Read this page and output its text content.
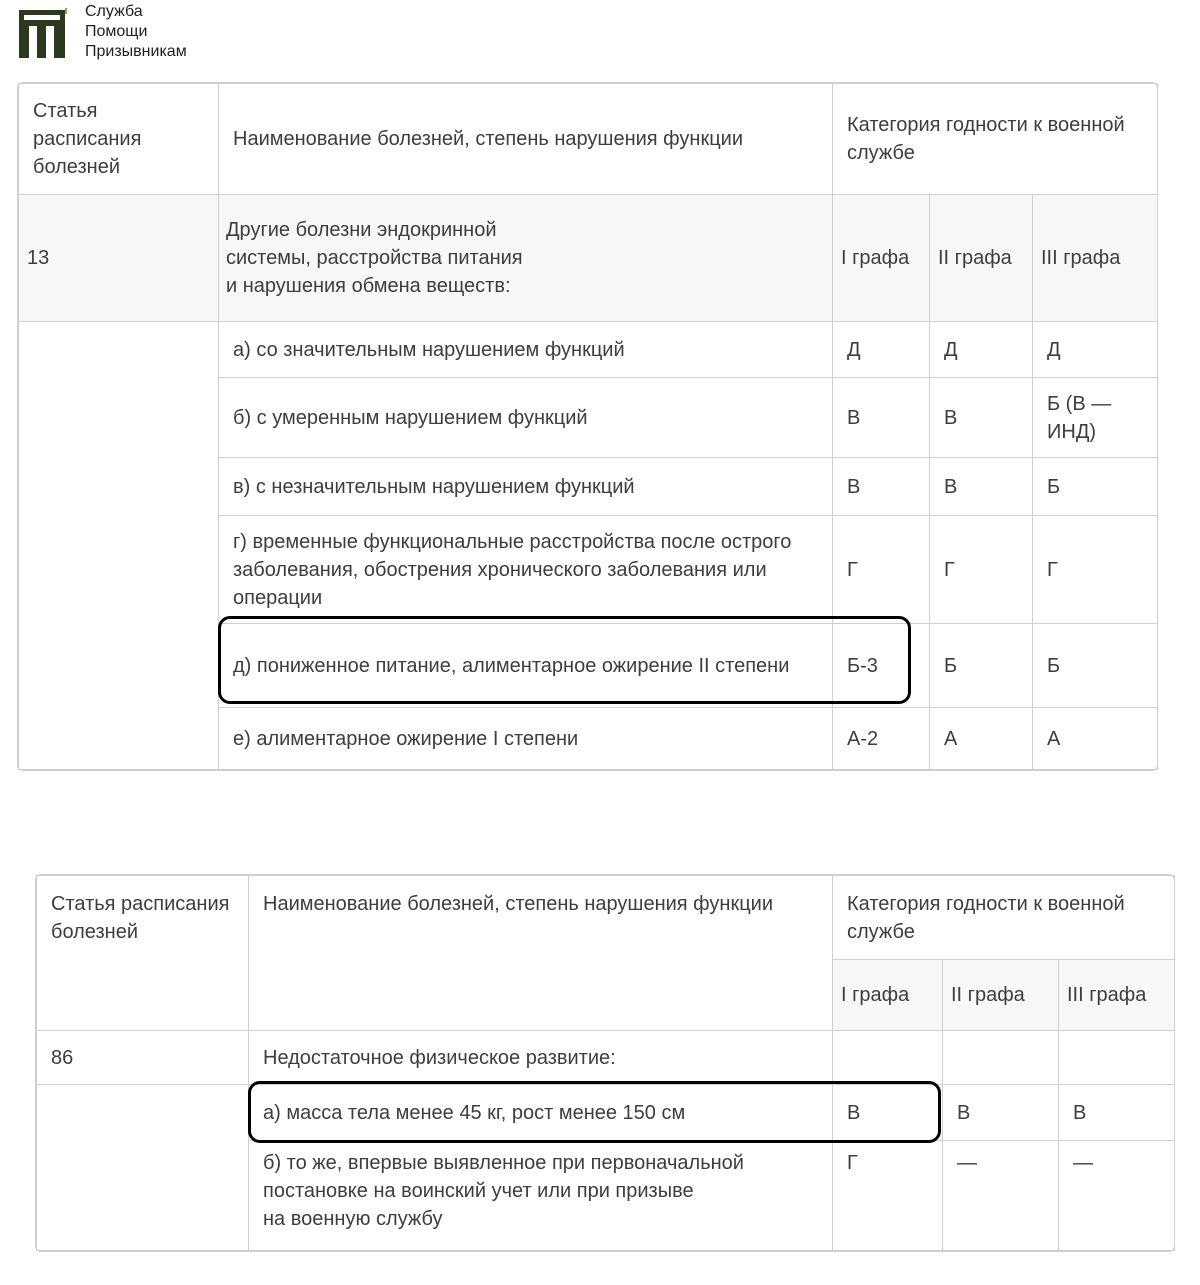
Служба
Помощи
Призывникам
Статья расписания болезней	Наименование болезней, степень нарушения функции	Категория годности к военной службе		
13	Другие болезни эндокринной
системы, расстройства питания
и нарушения обмена веществ:	I графа	II графа	III графа
	а) со значительным нарушением функций	Д	Д	Д
	б) с умеренным нарушением функций	В	В	Б (В — ИНД)
	в) с незначительным нарушением функций	В	В	Б
	г) временные функциональные расстройства после острого заболевания, обострения хронического заболевания или операции	Г	Г	Г
	д) пониженное питание, алиментарное ожирение II степени	Б-3	Б	Б
	е) алиментарное ожирение I степени	А-2	А	А
Статья расписания болезней	Наименование болезней, степень нарушения функции	Категория годности к военной службе		
		I графа	II графа	III графа
86	Недостаточное физическое развитие:			
	а) масса тела менее 45 кг, рост менее 150 см	В	В	В

	б) то же, впервые выявленное при первоначальной
постановке на воинский учет или при призыве
на военную службу	Г	—	—
